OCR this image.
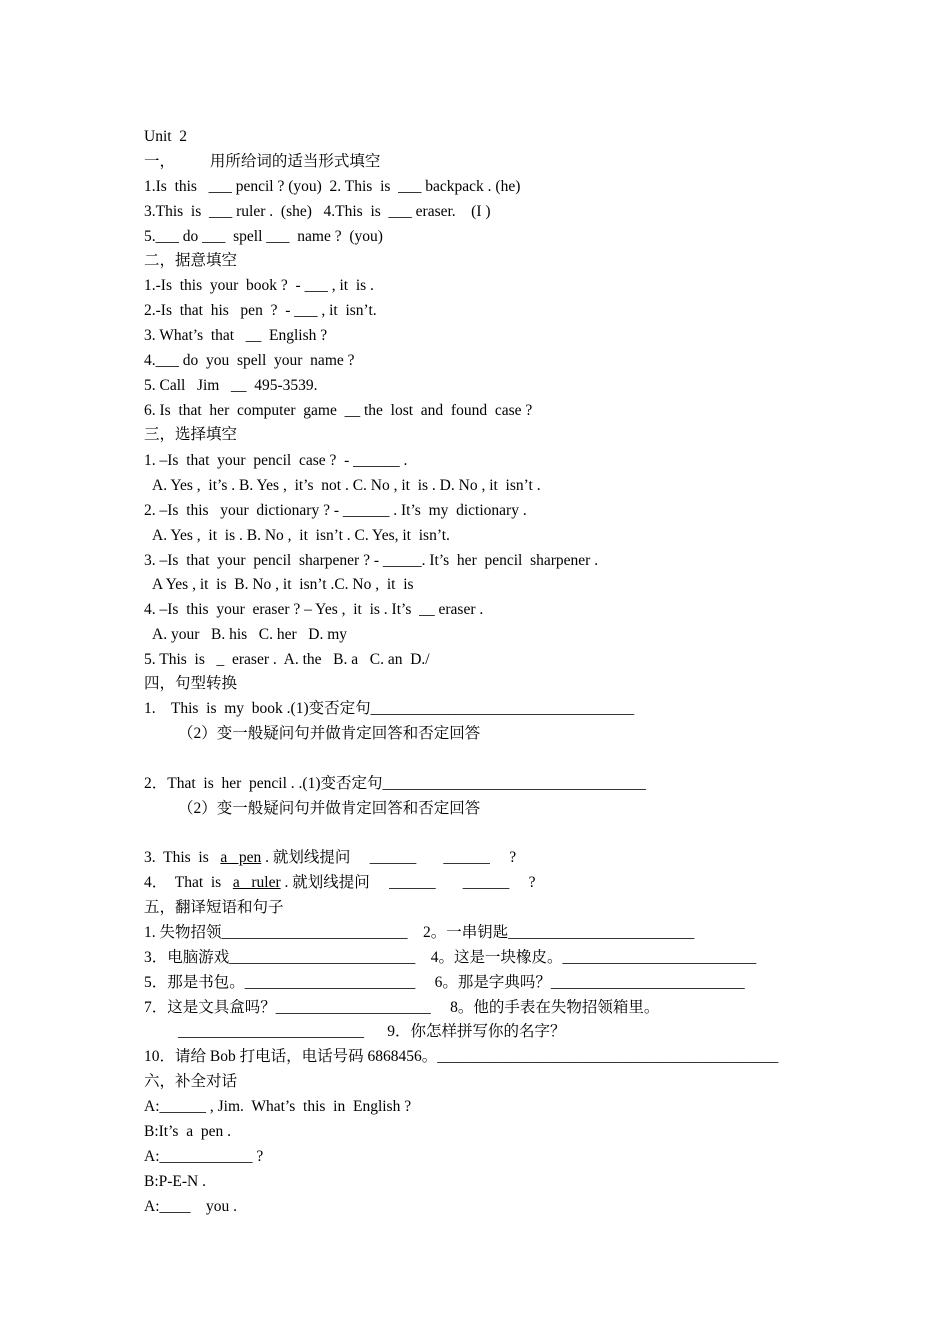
Unit  2
一，         用所给词的适当形式填空
1.Is  this   ___ pencil ? (you)  2. This  is  ___ backpack . (he)
3.This  is  ___ ruler .  (she)   4.This  is  ___ eraser.    (I )
5.___ do ___  spell ___  name ?  (you)
二，据意填空
1.-Is  this  your  book ?  - ___ , it  is .
2.-Is  that  his   pen  ?  - ___ , it  isn’t.
3. What’s  that   __  English ?
4.___ do  you  spell  your  name ?
5. Call   Jim   __  495-3539.
6. Is  that  her  computer  game  __ the  lost  and  found  case ?
三，选择填空
1. –Is  that  your  pencil  case ?  - ______ .
A. Yes ,  it’s . B. Yes ,  it’s  not . C. No , it  is . D. No , it  isn’t .
2. –Is  this   your  dictionary ? - ______ . It’s  my  dictionary .
A. Yes ,  it  is . B. No ,  it  isn’t . C. Yes, it  isn’t.
3. –Is  that  your  pencil  sharpener ? - _____. It’s  her  pencil  sharpener .
A Yes , it  is  B. No , it  isn’t .C. No ,  it  is
4. –Is  this  your  eraser ? – Yes ,  it  is . It’s  __ eraser .
A. your   B. his   C. her   D. my
5. This  is   _  eraser .  A. the   B. a   C. an  D./
四，句型转换
1.    This  is  my  book .(1)变否定句__________________________________
（2）变一般疑问句并做肯定回答和否定回答
2．That  is  her  pencil . .(1)变否定句__________________________________
（2）变一般疑问句并做肯定回答和否定回答
3.  This  is   a   pen . 就划线提问     ______       ______     ?
4．  That  is   a   ruler . 就划线提问     ______       ______     ?
五，翻译短语和句子
1. 失物招领________________________    2。一串钥匙________________________
3．电脑游戏________________________    4。这是一块橡皮。_________________________
5．那是书包。______________________     6。那是字典吗？_________________________
7．这是文具盒吗？____________________     8。他的手表在失物招领箱里。
________________________      9．你怎样拼写你的名字？
10．请给 Bob 打电话，电话号码 6868456。____________________________________________
六，补全对话
A:______ , Jim.  What’s  this  in  English ?
B:It’s  a  pen .
A:____________ ?
B:P-E-N .
A:____    you .
